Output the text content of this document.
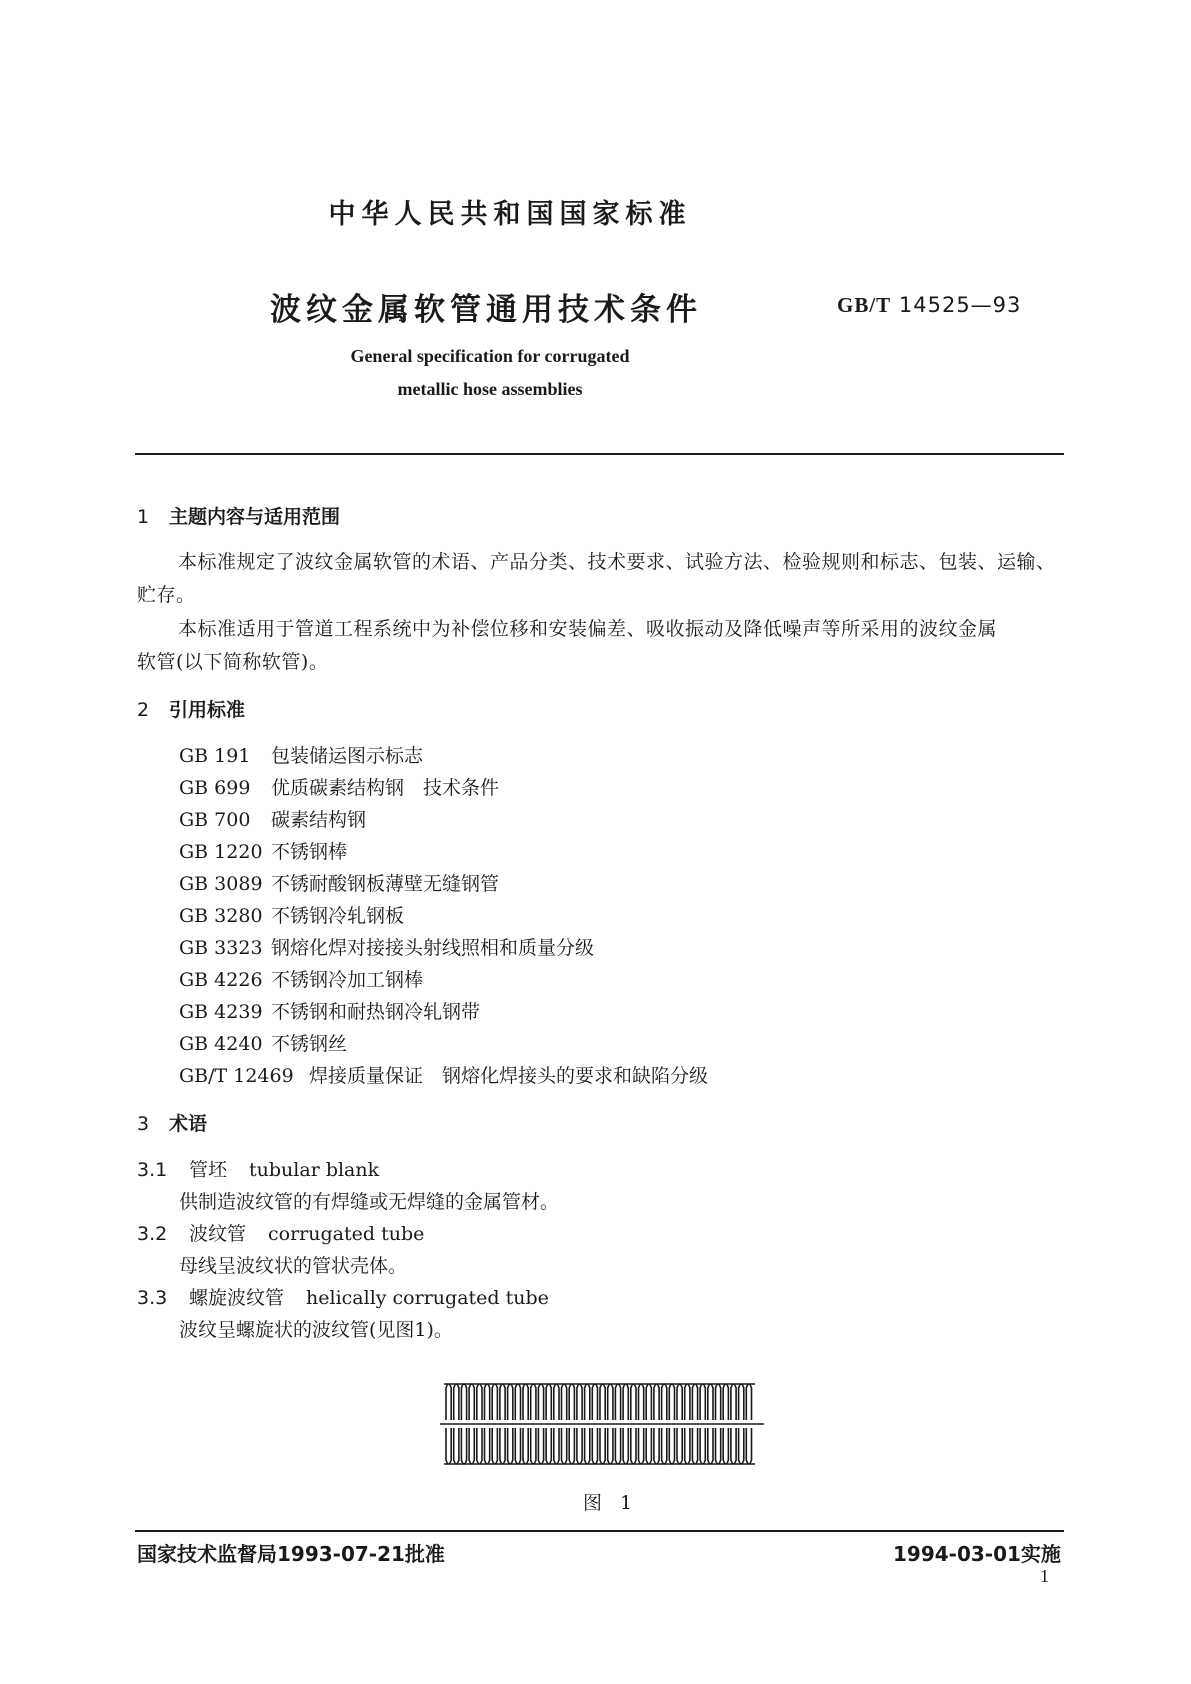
中华人民共和国国家标准
波纹金属软管通用技术条件	GB/T 14525—93
General specification for corrugated
metallic hose assemblies
1 主题内容与适用范围
本标准规定了波纹金属软管的术语、产品分类、技术要求、试验方法、检验规则和标志、包装、运输、
贮存。
本标准适用于管道工程系统中为补偿位移和安装偏差、吸收振动及降低噪声等所采用的波纹金属
软管(以下简称软管)。
2 引用标准
GB 191 包装储运图示标志
GB 699 优质碳素结构钢　技术条件
GB 700 碳素结构钢
GB 1220 不锈钢棒
GB 3089 不锈耐酸钢板薄壁无缝钢管
GB 3280 不锈钢冷轧钢板
GB 3323 钢熔化焊对接接头射线照相和质量分级
GB 4226 不锈钢冷加工钢棒
GB 4239 不锈钢和耐热钢冷轧钢带
GB 4240 不锈钢丝
GB/T 12469 焊接质量保证　钢熔化焊接头的要求和缺陷分级
3 术语
3.1 管坯 tubular blank
供制造波纹管的有焊缝或无焊缝的金属管材。
3.2 波纹管 corrugated tube
母线呈波纹状的管状壳体。
3.3 螺旋波纹管 helically corrugated tube
波纹呈螺旋状的波纹管(见图1)。
图 1
国家技术监督局1993-07-21批准	1994-03-01实施
1
